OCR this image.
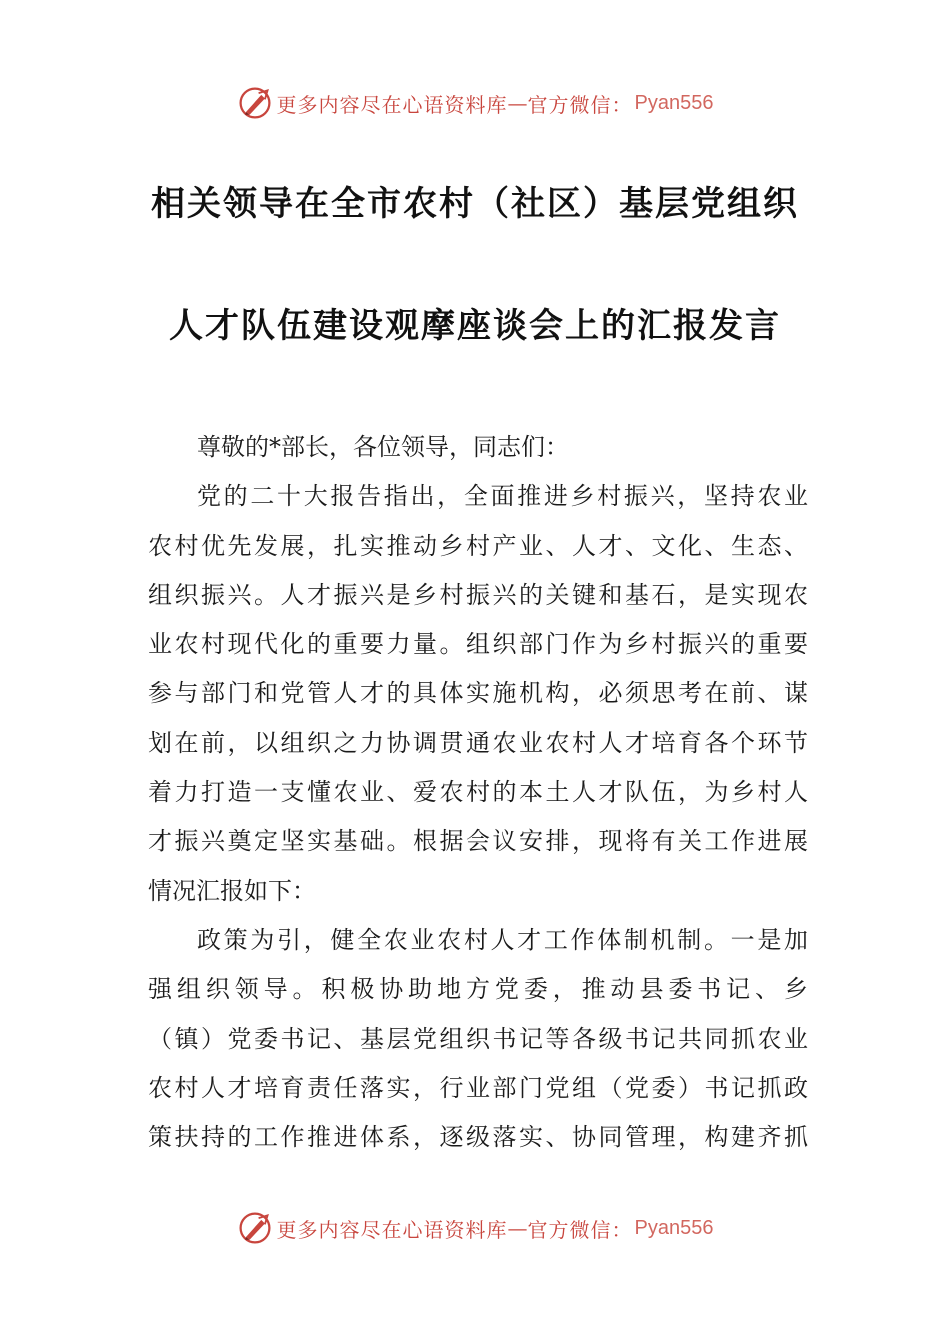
更多内容尽在心语资料库 — 官方微信： Pyan556
相关领导在全市农村（社区）基层党组织
人才队伍建设观摩座谈会上的汇报发言
尊敬的*部长，各位领导，同志们：
党的二十大报告指出，全面推进乡村振兴，坚持农业
农村优先发展，扎实推动乡村产业、人才、文化、生态、
组织振兴。人才振兴是乡村振兴的关键和基石，是实现农
业农村现代化的重要力量。组织部门作为乡村振兴的重要
参与部门和党管人才的具体实施机构，必须思考在前、谋
划在前，以组织之力协调贯通农业农村人才培育各个环节
着力打造一支懂农业、爱农村的本土人才队伍，为乡村人
才振兴奠定坚实基础。根据会议安排，现将有关工作进展
情况汇报如下：
政策为引，健全农业农村人才工作体制机制。一是加
强组织领导。积极协助地方党委，推动县委书记、乡
（镇）党委书记、基层党组织书记等各级书记共同抓农业
农村人才培育责任落实，行业部门党组（党委）书记抓政
策扶持的工作推进体系，逐级落实、协同管理，构建齐抓
更多内容尽在心语资料库 — 官方微信： Pyan556
